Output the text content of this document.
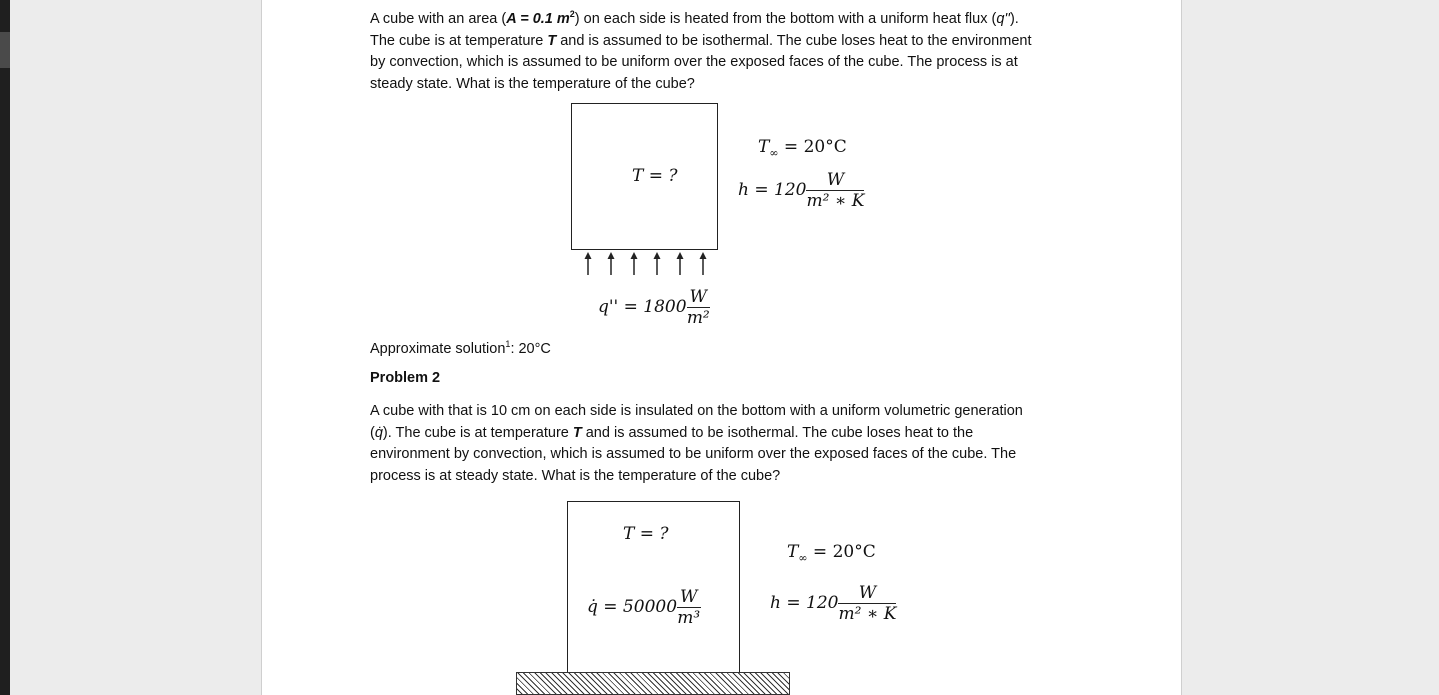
A cube with an area (A = 0.1 $m^2$) on each side is heated from the bottom with a uniform heat flux (q'').
The cube is at temperature T and is assumed to be isothermal. The cube loses heat to the environment
by convection, which is assumed to be uniform over the exposed faces of the cube. The process is at
steady state. What is the temperature of the cube?
T = ?
$T_\infty = 20^\circ C$
$h = 120 \frac{W}{\text{m² ∗ K}}$
$q'' = 1800 \frac{W}{\text{m²}}$
Approximate solution$^1$: 20°C
Problem 2
A cube with that is 10 cm on each side is insulated on the bottom with a uniform volumetric generation
(q̇). The cube is at temperature T and is assumed to be isothermal. The cube loses heat to the
environment by convection, which is assumed to be uniform over the exposed faces of the cube. The
process is at steady state. What is the temperature of the cube?
T = ?
q̇ = $50000 \frac{W}{\text{m³}}$
$T_\infty = 20^\circ C$
$h = 120 \frac{W}{\text{m² ∗ K}}$
